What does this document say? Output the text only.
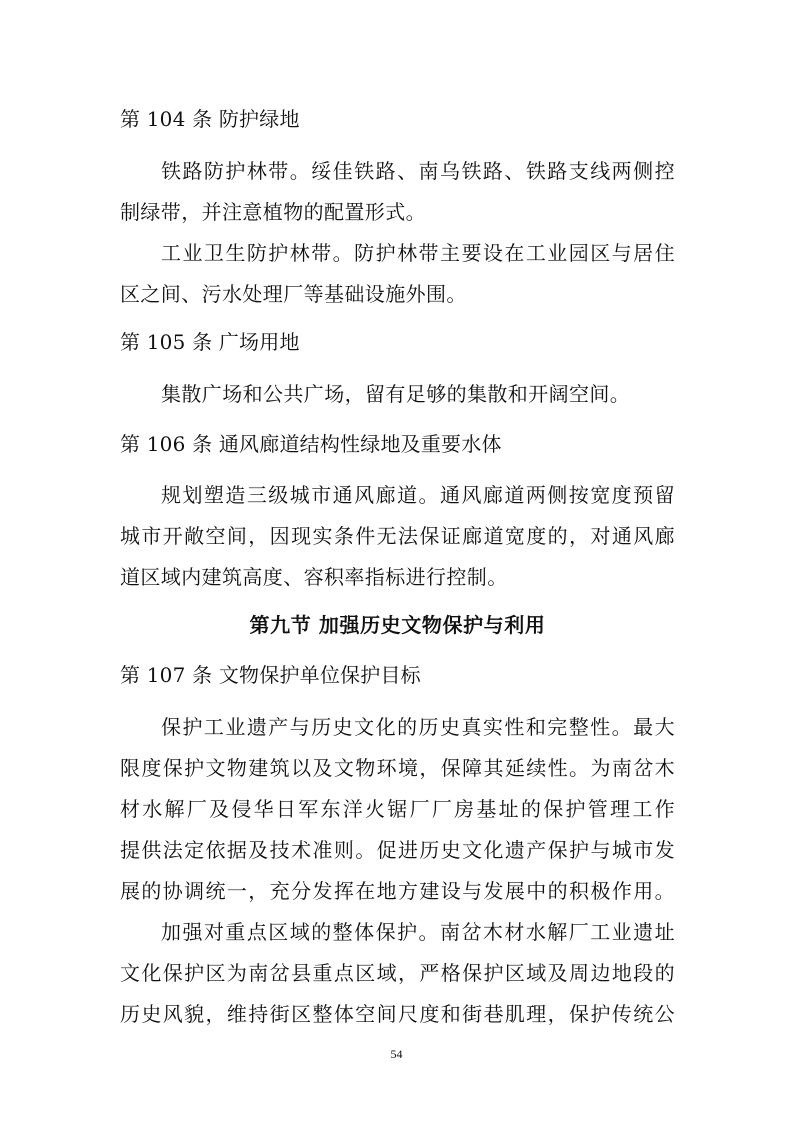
第 104 条 防护绿地
铁路防护林带。绥佳铁路、南乌铁路、铁路支线两侧控
制绿带，并注意植物的配置形式。
工业卫生防护林带。防护林带主要设在工业园区与居住
区之间、污水处理厂等基础设施外围。
第 105 条 广场用地
集散广场和公共广场，留有足够的集散和开阔空间。
第 106 条 通风廊道结构性绿地及重要水体
规划塑造三级城市通风廊道。通风廊道两侧按宽度预留
城市开敞空间，因现实条件无法保证廊道宽度的，对通风廊
道区域内建筑高度、容积率指标进行控制。
第九节 加强历史文物保护与利用
第 107 条 文物保护单位保护目标
保护工业遗产与历史文化的历史真实性和完整性。最大
限度保护文物建筑以及文物环境，保障其延续性。为南岔木
材水解厂及侵华日军东洋火锯厂厂房基址的保护管理工作
提供法定依据及技术准则。促进历史文化遗产保护与城市发
展的协调统一，充分发挥在地方建设与发展中的积极作用。
加强对重点区域的整体保护。南岔木材水解厂工业遗址
文化保护区为南岔县重点区域，严格保护区域及周边地段的
历史风貌，维持街区整体空间尺度和街巷肌理，保护传统公
54
